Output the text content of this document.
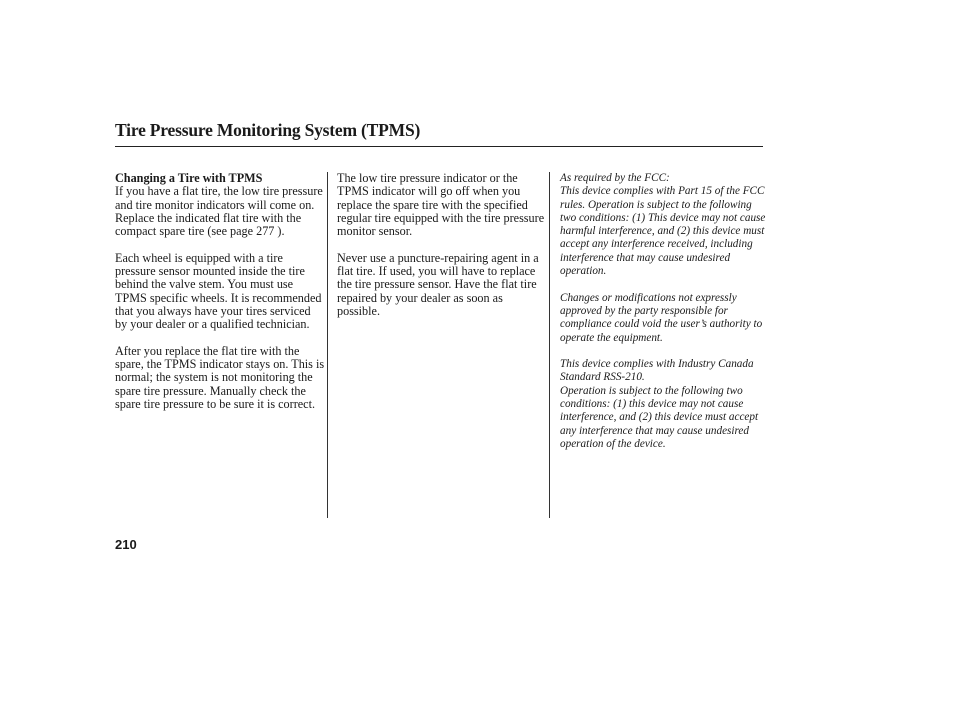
Tire Pressure Monitoring System (TPMS)

Changing a Tire with TPMS
If you have a flat tire, the low tire pressure and tire monitor indicators will come on. Replace the indicated flat tire with the compact spare tire (see page 277 ).

Each wheel is equipped with a tire pressure sensor mounted inside the tire behind the valve stem. You must use TPMS specific wheels. It is recommended that you always have your tires serviced by your dealer or a qualified technician.

After you replace the flat tire with the spare, the TPMS indicator stays on. This is normal; the system is not monitoring the spare tire pressure. Manually check the spare tire pressure to be sure it is correct.

The low tire pressure indicator or the TPMS indicator will go off when you replace the spare tire with the specified regular tire equipped with the tire pressure monitor sensor.

Never use a puncture-repairing agent in a flat tire. If used, you will have to replace the tire pressure sensor. Have the flat tire repaired by your dealer as soon as possible.

As required by the FCC:
This device complies with Part 15 of the FCC rules. Operation is subject to the following two conditions: (1) This device may not cause harmful interference, and (2) this device must accept any interference received, including interference that may cause undesired operation.

Changes or modifications not expressly approved by the party responsible for compliance could void the user’s authority to operate the equipment.

This device complies with Industry Canada Standard RSS-210.
Operation is subject to the following two conditions: (1) this device may not cause interference, and (2) this device must accept any interference that may cause undesired operation of the device.

210
